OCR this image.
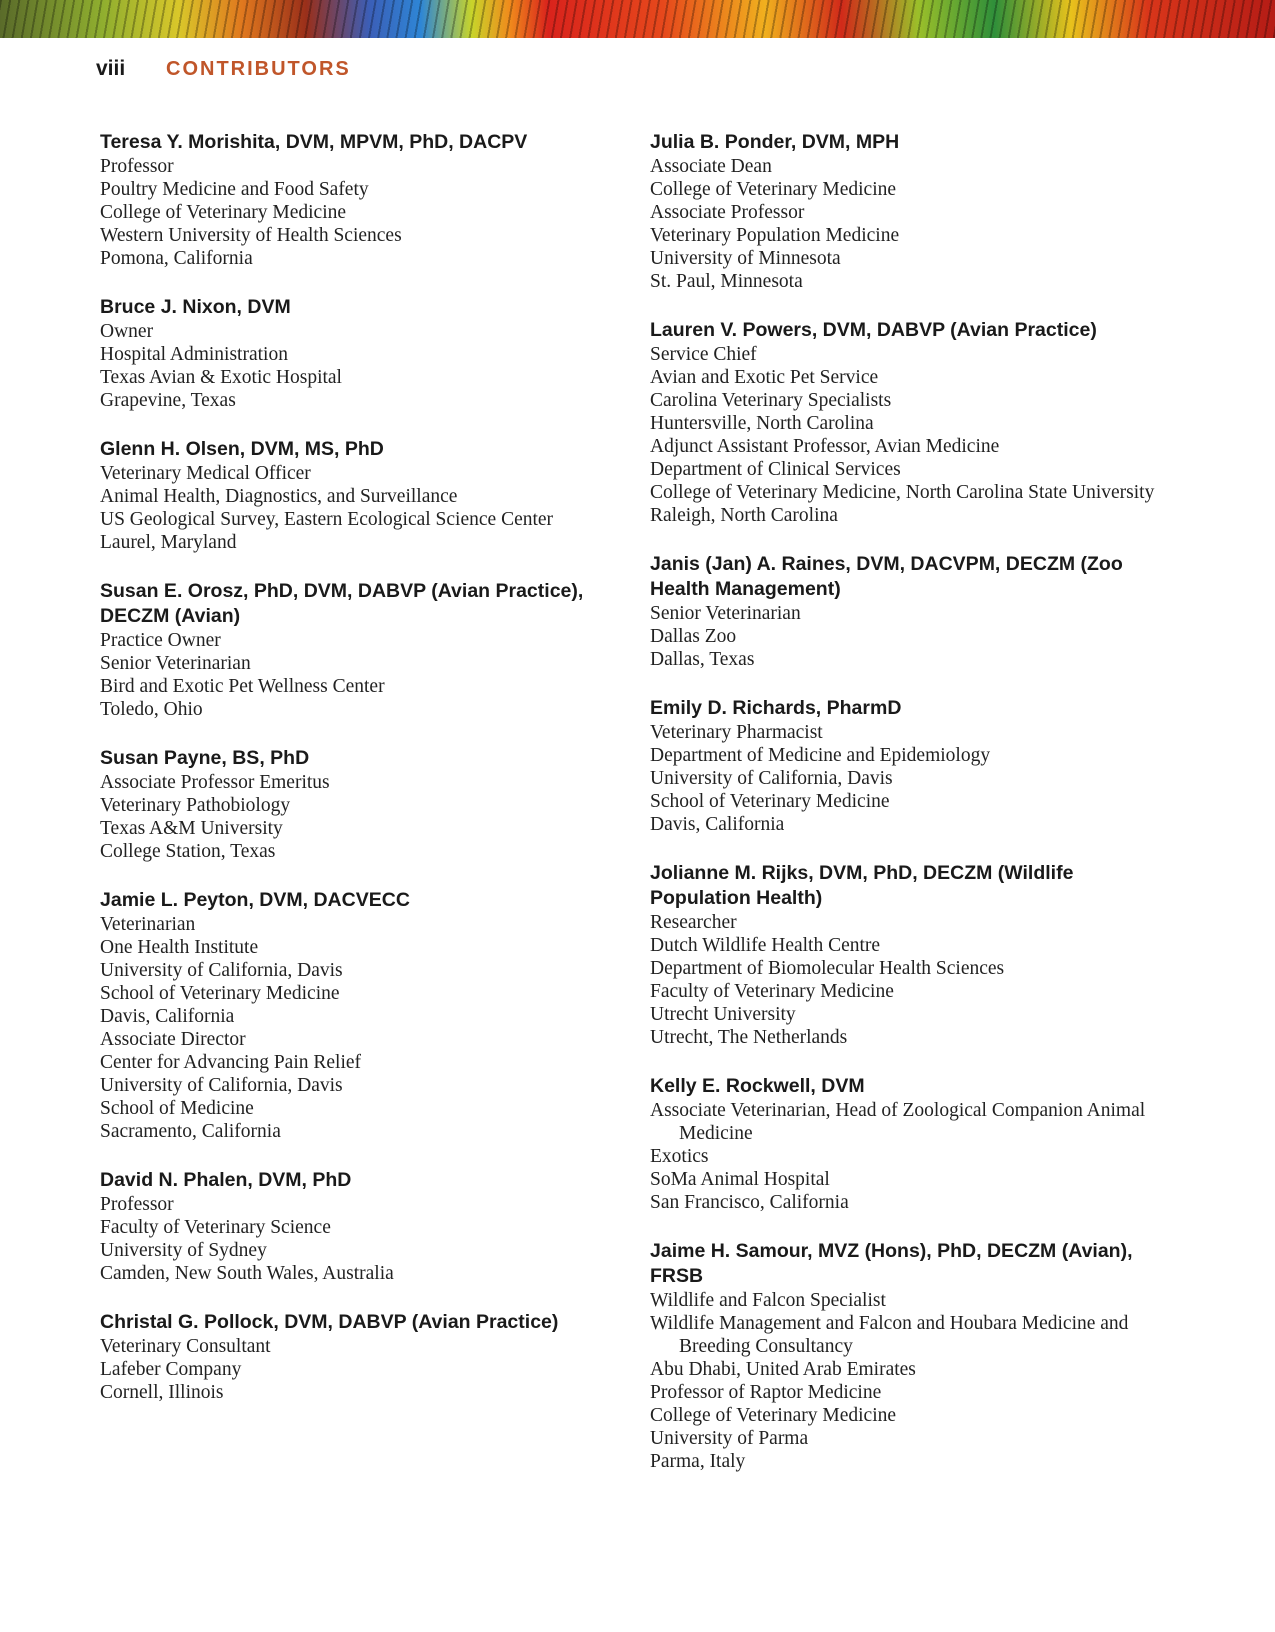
viii	CONTRIBUTORS
Teresa Y. Morishita, DVM, MPVM, PhD, DACPV
Professor
Poultry Medicine and Food Safety
College of Veterinary Medicine
Western University of Health Sciences
Pomona, California
Bruce J. Nixon, DVM
Owner
Hospital Administration
Texas Avian & Exotic Hospital
Grapevine, Texas
Glenn H. Olsen, DVM, MS, PhD
Veterinary Medical Officer
Animal Health, Diagnostics, and Surveillance
US Geological Survey, Eastern Ecological Science Center
Laurel, Maryland
Susan E. Orosz, PhD, DVM, DABVP (Avian Practice), DECZM (Avian)
Practice Owner
Senior Veterinarian
Bird and Exotic Pet Wellness Center
Toledo, Ohio
Susan Payne, BS, PhD
Associate Professor Emeritus
Veterinary Pathobiology
Texas A&M University
College Station, Texas
Jamie L. Peyton, DVM, DACVECC
Veterinarian
One Health Institute
University of California, Davis
School of Veterinary Medicine
Davis, California
Associate Director
Center for Advancing Pain Relief
University of California, Davis
School of Medicine
Sacramento, California
David N. Phalen, DVM, PhD
Professor
Faculty of Veterinary Science
University of Sydney
Camden, New South Wales, Australia
Christal G. Pollock, DVM, DABVP (Avian Practice)
Veterinary Consultant
Lafeber Company
Cornell, Illinois
Julia B. Ponder, DVM, MPH
Associate Dean
College of Veterinary Medicine
Associate Professor
Veterinary Population Medicine
University of Minnesota
St. Paul, Minnesota
Lauren V. Powers, DVM, DABVP (Avian Practice)
Service Chief
Avian and Exotic Pet Service
Carolina Veterinary Specialists
Huntersville, North Carolina
Adjunct Assistant Professor, Avian Medicine
Department of Clinical Services
College of Veterinary Medicine, North Carolina State University
Raleigh, North Carolina
Janis (Jan) A. Raines, DVM, DACVPM, DECZM (Zoo Health Management)
Senior Veterinarian
Dallas Zoo
Dallas, Texas
Emily D. Richards, PharmD
Veterinary Pharmacist
Department of Medicine and Epidemiology
University of California, Davis
School of Veterinary Medicine
Davis, California
Jolianne M. Rijks, DVM, PhD, DECZM (Wildlife Population Health)
Researcher
Dutch Wildlife Health Centre
Department of Biomolecular Health Sciences
Faculty of Veterinary Medicine
Utrecht University
Utrecht, The Netherlands
Kelly E. Rockwell, DVM
Associate Veterinarian, Head of Zoological Companion Animal Medicine
Exotics
SoMa Animal Hospital
San Francisco, California
Jaime H. Samour, MVZ (Hons), PhD, DECZM (Avian), FRSB
Wildlife and Falcon Specialist
Wildlife Management and Falcon and Houbara Medicine and Breeding Consultancy
Abu Dhabi, United Arab Emirates
Professor of Raptor Medicine
College of Veterinary Medicine
University of Parma
Parma, Italy
